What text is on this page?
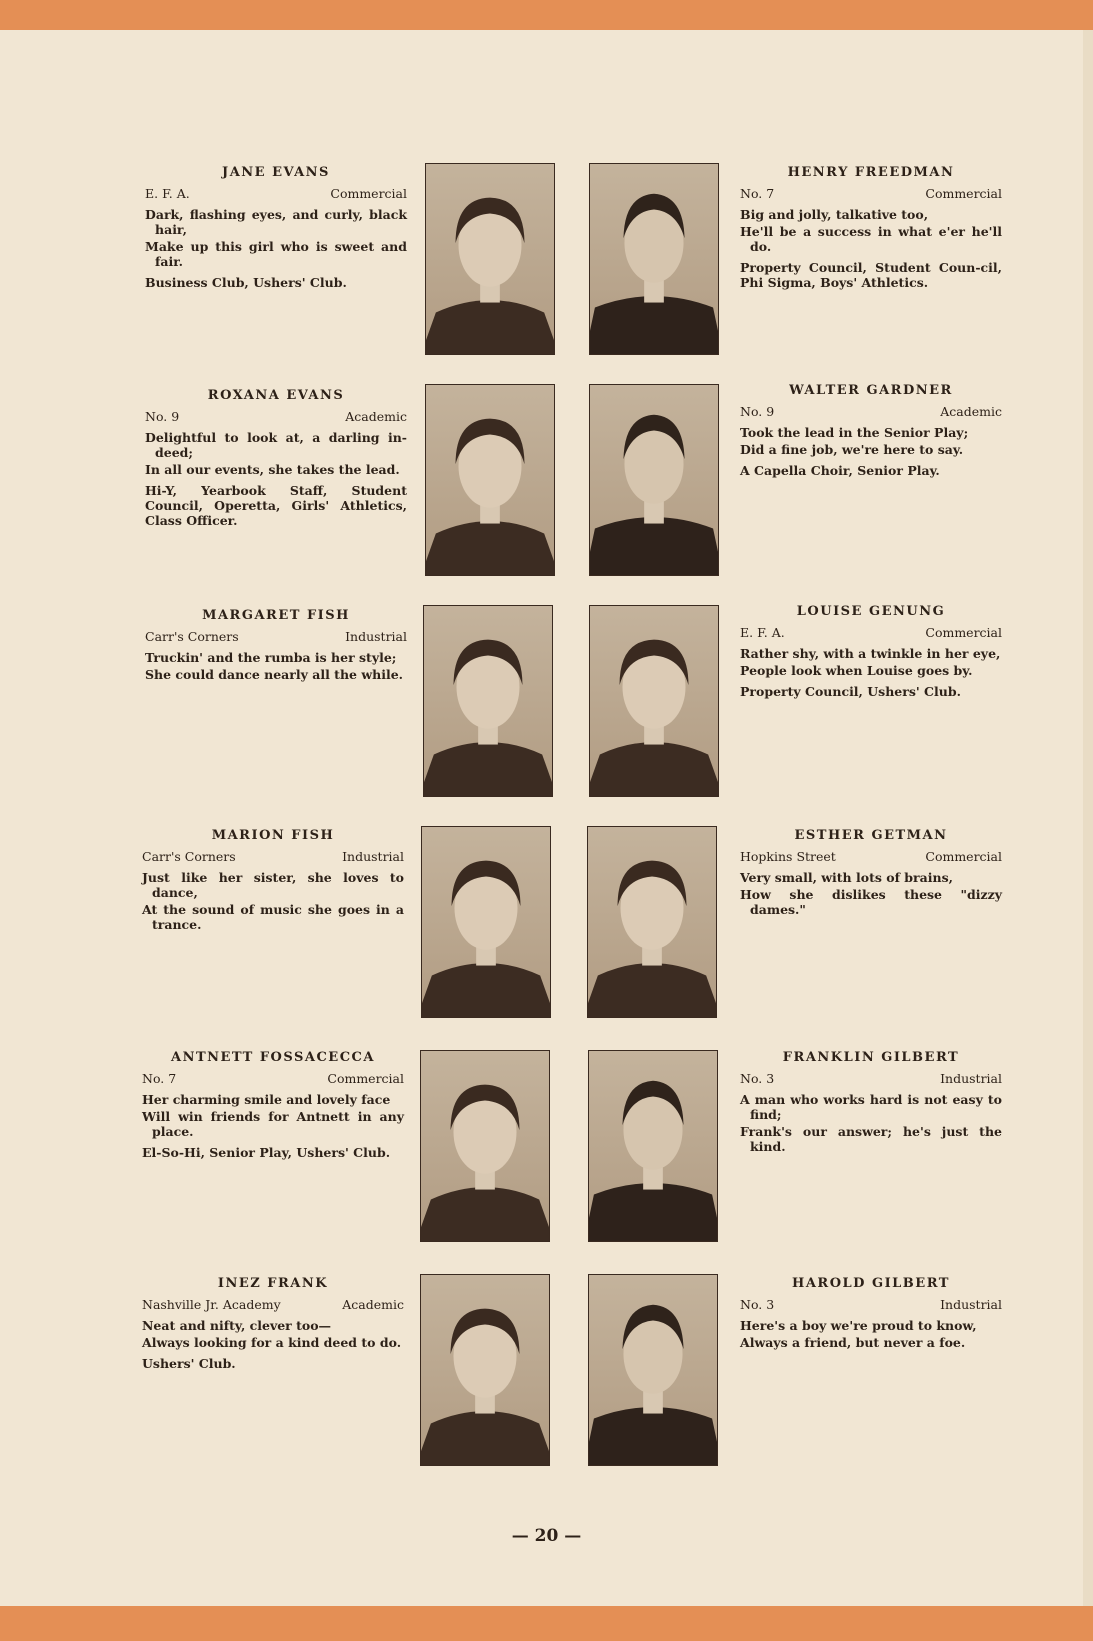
JANE EVANS
E. F. A.	Commercial
Dark, flashing eyes, and curly, black hair,
Make up this girl who is sweet and fair.
Business Club, Ushers' Club.
ROXANA EVANS
No. 9	Academic
Delightful to look at, a darling in-deed;
In all our events, she takes the lead.
Hi-Y, Yearbook Staff, Student Council, Operetta, Girls' Athletics, Class Officer.
MARGARET FISH
Carr's Corners	Industrial
Truckin' and the rumba is her style;
She could dance nearly all the while.
MARION FISH
Carr's Corners	Industrial
Just like her sister, she loves to dance,
At the sound of music she goes in a trance.
ANTNETT FOSSACECCA
No. 7	Commercial
Her charming smile and lovely face
Will win friends for Antnett in any place.
El-So-Hi, Senior Play, Ushers' Club.
INEZ FRANK
Nashville Jr. Academy	Academic
Neat and nifty, clever too—
Always looking for a kind deed to do.
Ushers' Club.
HENRY FREEDMAN
No. 7	Commercial
Big and jolly, talkative too,
He'll be a success in what e'er he'll do.
Property Council, Student Coun-cil, Phi Sigma, Boys' Athletics.
WALTER GARDNER
No. 9	Academic
Took the lead in the Senior Play;
Did a fine job, we're here to say.
A Capella Choir, Senior Play.
LOUISE GENUNG
E. F. A.	Commercial
Rather shy, with a twinkle in her eye,
People look when Louise goes by.
Property Council, Ushers' Club.
ESTHER GETMAN
Hopkins Street	Commercial
Very small, with lots of brains,
How she dislikes these "dizzy dames."
FRANKLIN GILBERT
No. 3	Industrial
A man who works hard is not easy to find;
Frank's our answer; he's just the kind.
HAROLD GILBERT
No. 3	Industrial
Here's a boy we're proud to know,
Always a friend, but never a foe.
— 20 —
